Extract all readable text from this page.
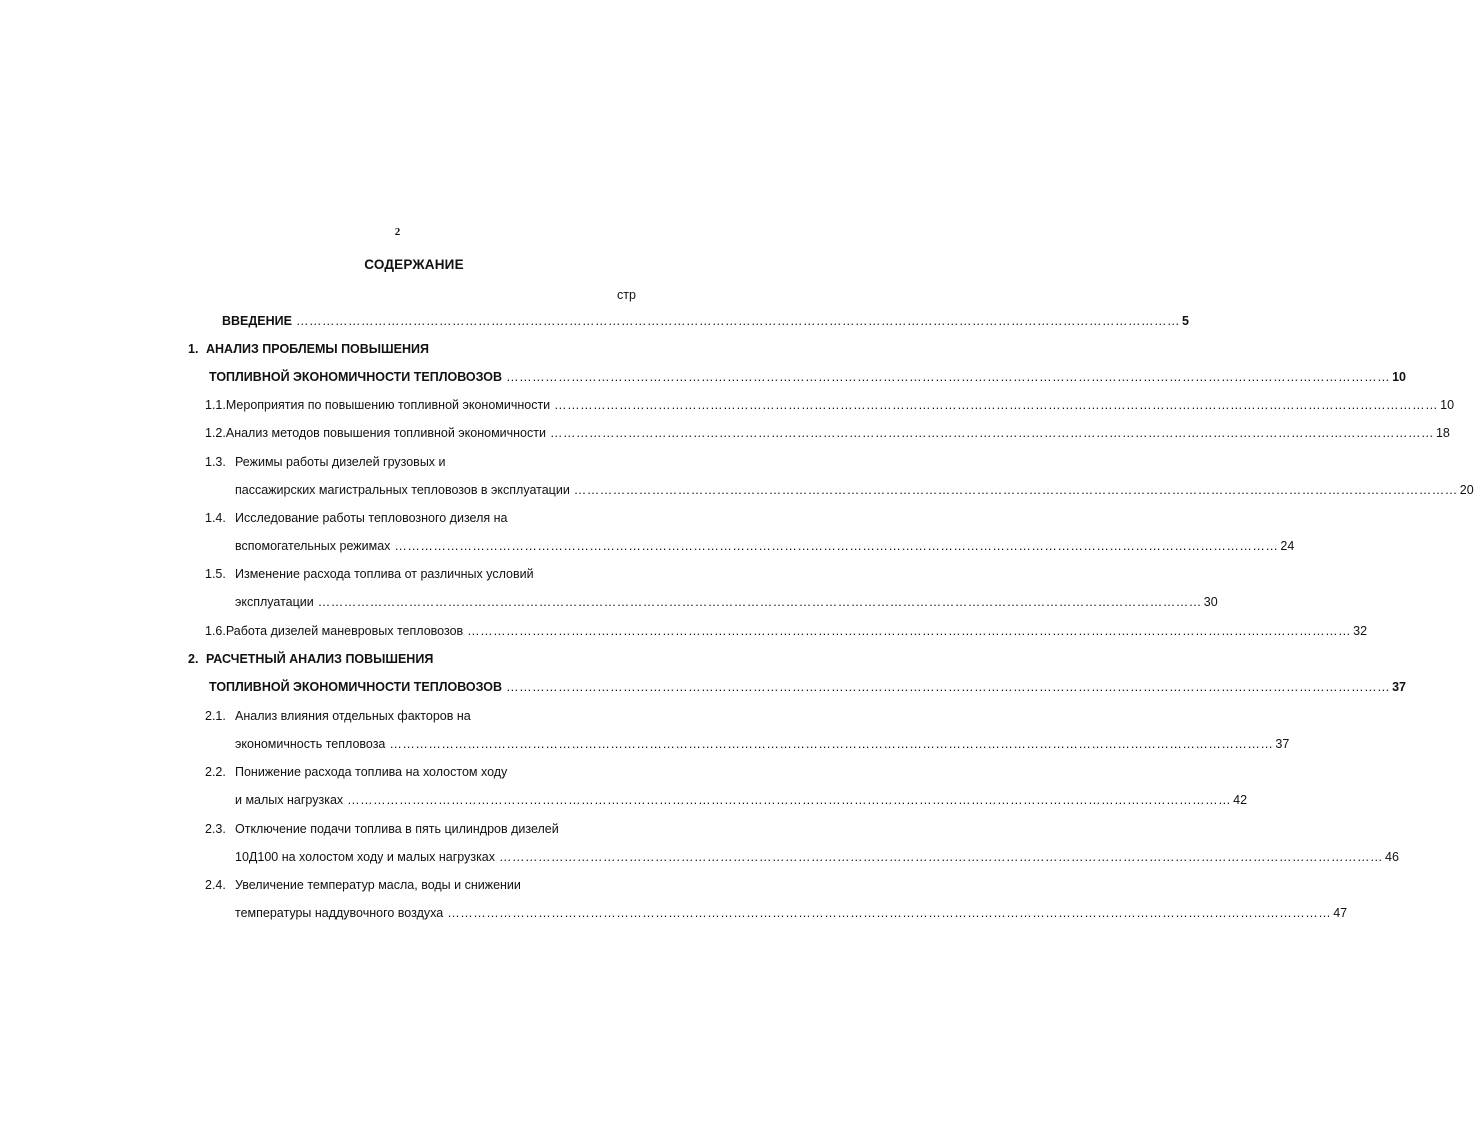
2
СОДЕРЖАНИЕ
стр
ВВЕДЕНИЕ …………………………………………………………………………………………………………………………………………………………………………………… 5
1. АНАЛИЗ ПРОБЛЕМЫ ПОВЫШЕНИЯ
ТОПЛИВНОЙ ЭКОНОМИЧНОСТИ ТЕПЛОВОЗОВ …………………………………………………………………………………………………………………………………………………………………………………… 10
1.1. Мероприятия по повышению топливной экономичности …………………………………………………………………………………………………………………………………………………………………………………… 10
1.2. Анализ методов повышения топливной экономичности …………………………………………………………………………………………………………………………………………………………………………………… 18
1.3. Режимы работы дизелей грузовых и
пассажирских магистральных тепловозов в эксплуатации …………………………………………………………………………………………………………………………………………………………………………………… 20
1.4. Исследование работы тепловозного дизеля на
вспомогательных режимах …………………………………………………………………………………………………………………………………………………………………………………… 24
1.5. Изменение расхода топлива от различных условий
эксплуатации …………………………………………………………………………………………………………………………………………………………………………………… 30
1.6. Работа дизелей маневровых тепловозов …………………………………………………………………………………………………………………………………………………………………………………… 32
2. РАСЧЕТНЫЙ АНАЛИЗ ПОВЫШЕНИЯ
ТОПЛИВНОЙ ЭКОНОМИЧНОСТИ ТЕПЛОВОЗОВ …………………………………………………………………………………………………………………………………………………………………………………… 37
2.1. Анализ влияния отдельных факторов на
экономичность тепловоза …………………………………………………………………………………………………………………………………………………………………………………… 37
2.2. Понижение расхода топлива на холостом ходу
и малых нагрузках …………………………………………………………………………………………………………………………………………………………………………………… 42
2.3. Отключение подачи топлива в пять цилиндров дизелей
10Д100 на холостом ходу и малых нагрузках …………………………………………………………………………………………………………………………………………………………………………………… 46
2.4. Увеличение температур масла, воды и снижении
температуры наддувочного воздуха …………………………………………………………………………………………………………………………………………………………………………………… 47
